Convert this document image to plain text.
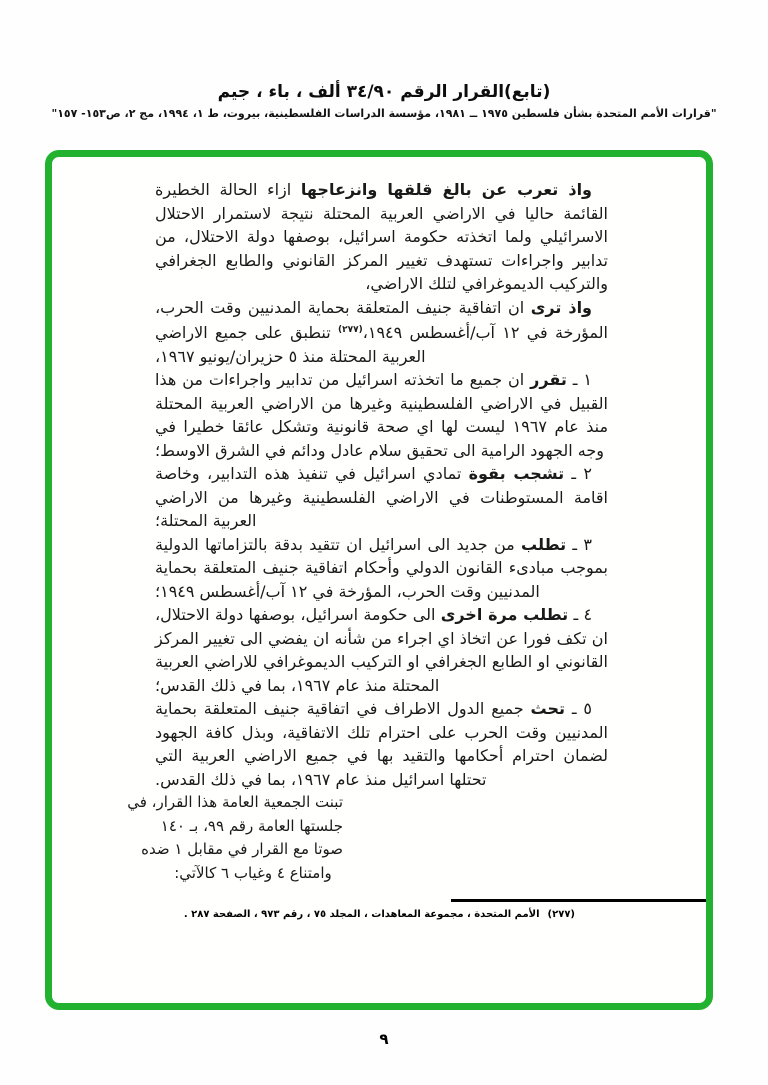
(تابع)القرار الرقم ٣٤/٩٠ ألف ، باء ، جيم
"قرارات الأمم المتحدة بشأن فلسطين ١٩٧٥ ــ ١٩٨١، مؤسسة الدراسات الفلسطينية، بيروت، ط ١، ١٩٩٤، مج ٢، ص١٥٣- ١٥٧"

واذ تعرب عن بالغ قلقها وانزعاجها ازاء الحالة الخطيرة القائمة حاليا في الاراضي العربية المحتلة نتيجة لاستمرار الاحتلال الاسرائيلي ولما اتخذته حكومة اسرائيل، بوصفها دولة الاحتلال، من تدابير واجراءات تستهدف تغيير المركز القانوني والطابع الجغرافي والتركيب الديموغرافي لتلك الاراضي،

واذ ترى ان اتفاقية جنيف المتعلقة بحماية المدنيين وقت الحرب، المؤرخة في ١٢ آب/أغسطس ١٩٤٩،$^{(٢٧٧)}$ تنطبق على جميع الاراضي العربية المحتلة منذ ٥ حزيران/يونيو ١٩٦٧،

١ ـ تقرر ان جميع ما اتخذته اسرائيل من تدابير واجراءات من هذا القبيل في الاراضي الفلسطينية وغيرها من الاراضي العربية المحتلة منذ عام ١٩٦٧ ليست لها اي صحة قانونية وتشكل عائقا خطيرا في وجه الجهود الرامية الى تحقيق سلام عادل ودائم في الشرق الاوسط؛

٢ ـ تشجب بقوة تمادي اسرائيل في تنفيذ هذه التدابير، وخاصة اقامة المستوطنات في الاراضي الفلسطينية وغيرها من الاراضي العربية المحتلة؛

٣ ـ تطلب من جديد الى اسرائيل ان تتقيد بدقة بالتزاماتها الدولية بموجب مبادىء القانون الدولي وأحكام اتفاقية جنيف المتعلقة بحماية المدنيين وقت الحرب، المؤرخة في ١٢ آب/أغسطس ١٩٤٩؛

٤ ـ تطلب مرة اخرى الى حكومة اسرائيل، بوصفها دولة الاحتلال، ان تكف فورا عن اتخاذ اي اجراء من شأنه ان يفضي الى تغيير المركز القانوني او الطابع الجغرافي او التركيب الديموغرافي للاراضي العربية المحتلة منذ عام ١٩٦٧، بما في ذلك القدس؛

٥ ـ تحث جميع الدول الاطراف في اتفاقية جنيف المتعلقة بحماية المدنيين وقت الحرب على احترام تلك الاتفاقية، وبذل كافة الجهود لضمان احترام أحكامها والتقيد بها في جميع الاراضي العربية التي تحتلها اسرائيل منذ عام ١٩٦٧، بما في ذلك القدس.

تبنت الجمعية العامة هذا القرار، في
جلستها العامة رقم ٩٩، بـ ١٤٠
صوتا مع القرار في مقابل ١ ضده
وامتناع ٤ وغياب ٦ كالآتي:
(٢٧٧)الأمم المتحدة ، مجموعة المعاهدات ، المجلد ٧٥ ، رقم ٩٧٣ ، الصفحة ٢٨٧ .
٩
